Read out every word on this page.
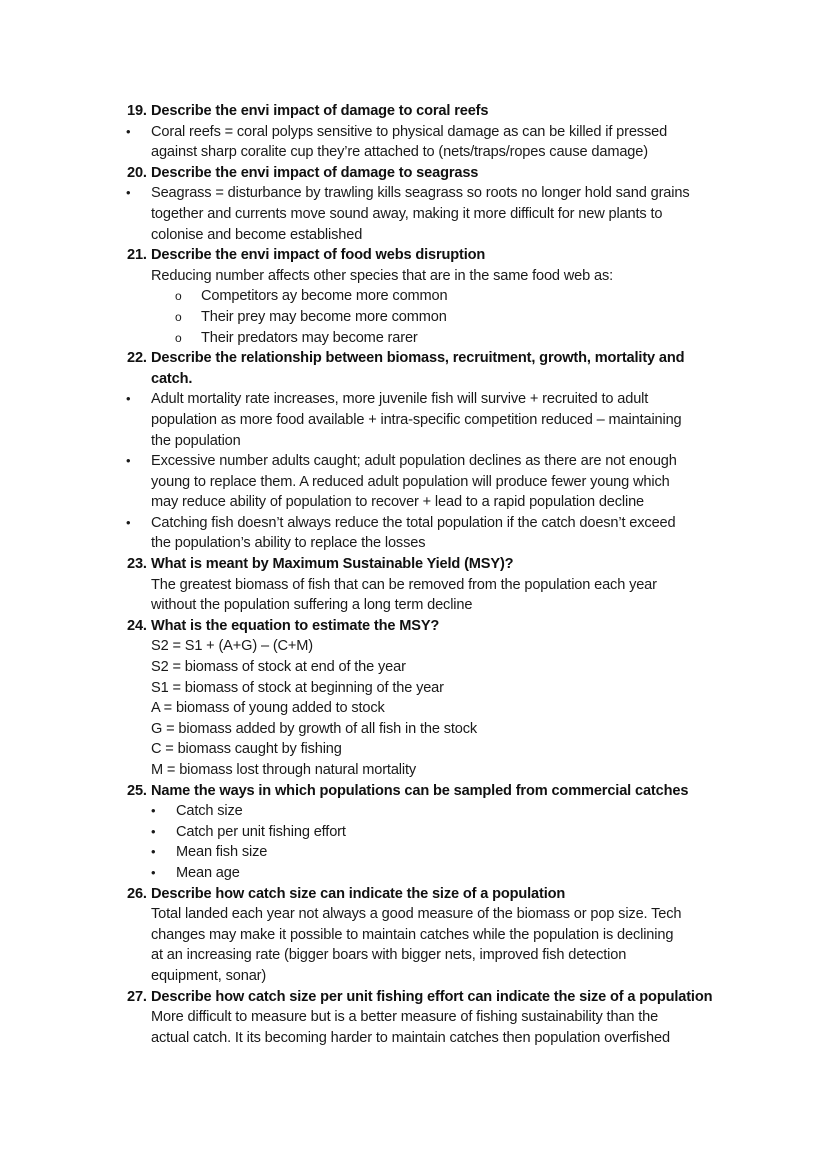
19. Describe the envi impact of damage to coral reefs
• Coral reefs = coral polyps sensitive to physical damage as can be killed if pressed
against sharp coralite cup they’re attached to (nets/traps/ropes cause damage)
20. Describe the envi impact of damage to seagrass
• Seagrass = disturbance by trawling kills seagrass so roots no longer hold sand grains
together and currents move sound away, making it more difficult for new plants to
colonise and become established
21. Describe the envi impact of food webs disruption
Reducing number affects other species that are in the same food web as:
o Competitors ay become more common
o Their prey may become more common
o Their predators may become rarer
22. Describe the relationship between biomass, recruitment, growth, mortality and
catch.
• Adult mortality rate increases, more juvenile fish will survive + recruited to adult
population as more food available + intra-specific competition reduced – maintaining
the population
• Excessive number adults caught; adult population declines as there are not enough
young to replace them. A reduced adult population will produce fewer young which
may reduce ability of population to recover + lead to a rapid population decline
• Catching fish doesn’t always reduce the total population if the catch doesn’t exceed
the population’s ability to replace the losses
23. What is meant by Maximum Sustainable Yield (MSY)?
The greatest biomass of fish that can be removed from the population each year
without the population suffering a long term decline
24. What is the equation to estimate the MSY?
S2 = S1 + (A+G) – (C+M)
S2 = biomass of stock at end of the year
S1 = biomass of stock at beginning of the year
A = biomass of young added to stock
G = biomass added by growth of all fish in the stock
C = biomass caught by fishing
M = biomass lost through natural mortality
25. Name the ways in which populations can be sampled from commercial catches
• Catch size
• Catch per unit fishing effort
• Mean fish size
• Mean age
26. Describe how catch size can indicate the size of a population
Total landed each year not always a good measure of the biomass or pop size. Tech
changes may make it possible to maintain catches while the population is declining
at an increasing rate (bigger boars with bigger nets, improved fish detection
equipment, sonar)
27. Describe how catch size per unit fishing effort can indicate the size of a population
More difficult to measure but is a better measure of fishing sustainability than the
actual catch. It its becoming harder to maintain catches then population overfished
